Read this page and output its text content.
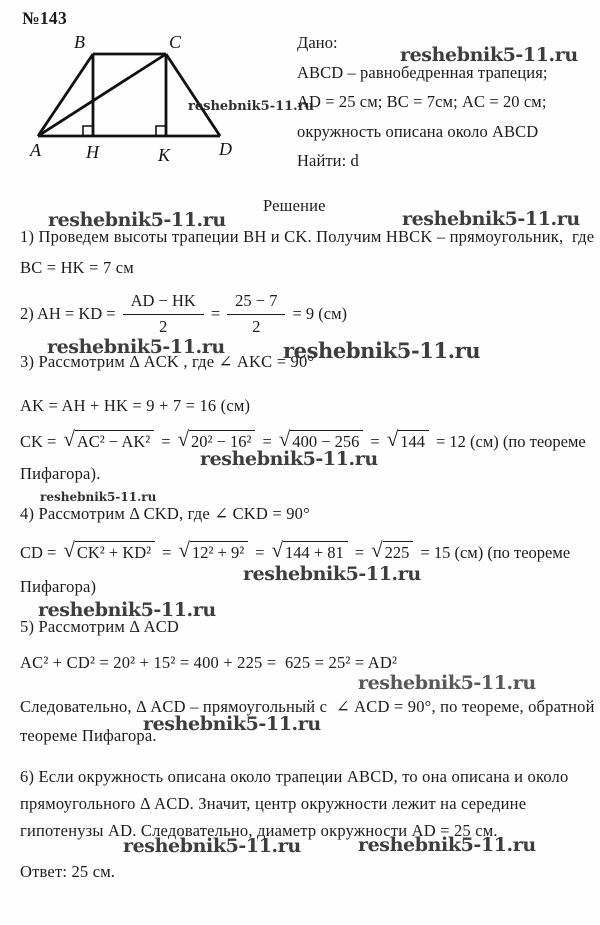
№143
A
B	C
D
H	K
reshebnik5-11.ru
reshebnik5-11.ru
reshebnik5-11.ru	reshebnik5-11.ru
reshebnik5-11.ru	reshebnik5-11.ru
reshebnik5-11.ru
reshebnik5-11.ru
reshebnik5-11.ru
reshebnik5-11.ru
reshebnik5-11.ru
reshebnik5-11.ru
reshebnik5-11.ru	reshebnik5-11.ru
Дано:
ABCD – равнобедренная трапеция;
AD = 25 см; BC = 7см; AC = 20 см;
окружность описана около ABCD
Найти: d
Решение
1) Проведем высоты трапеции BH и CK. Получим HBCK – прямоугольник,  где
BC = HK = 7 см
2) AH = KD = $\frac{AD - HK}{2} = \frac{25 - 7}{2} = 9$ (см)
3) Рассмотрим Δ ACK , где ∠ AKC = 90°
AK = AH + HK = 9 + 7 = 16 (см)
CK = √ AC² − AK² = √ 20² − 16² = √ 400 − 256 = √ 144 = 12 (см) (по теореме
Пифагора).
4) Рассмотрим Δ CKD, где ∠ CKD = 90°
CD = √ CK² + KD² = √ 12² + 9² = √ 144 + 81 = √ 225 = 15 (см) (по теореме
Пифагора)
5) Рассмотрим Δ ACD
AC² + CD² = 20² + 15² = 400 + 225 =  625 = 25² = AD²
Следовательно, Δ ACD – прямоугольный с  ∠ ACD = 90°, по теореме, обратной
теореме Пифагора.
6) Если окружность описана около трапеции ABCD, то она описана и около
прямоугольного Δ ACD. Значит, центр окружности лежит на середине
гипотенузы AD. Следовательно, диаметр окружности AD = 25 см.
Ответ: 25 см.
